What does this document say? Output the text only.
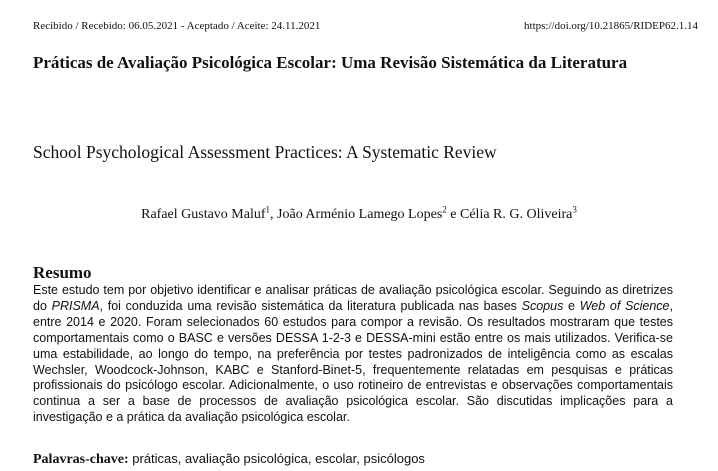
Recibido / Recebido: 06.05.2021 - Aceptado / Aceite: 24.11.2021	https://doi.org/10.21865/RIDEP62.1.14
Práticas de Avaliação Psicológica Escolar: Uma Revisão Sistemática da Literatura
School Psychological Assessment Practices: A Systematic Review
Rafael Gustavo Maluf$^1$, João Arménio Lamego Lopes$^2$ e Célia R. G. Oliveira$^3$
Resumo
Este estudo tem por objetivo identificar e analisar práticas de avaliação psicológica escolar. Seguindo as diretrizes do PRISMA, foi conduzida uma revisão sistemática da literatura publicada nas bases Scopus e Web of Science, entre 2014 e 2020. Foram selecionados 60 estudos para compor a revisão. Os resultados mostraram que testes comportamentais como o BASC e versões DESSA 1-2-3 e DESSA-mini estão entre os mais utilizados. Verifica-se uma estabilidade, ao longo do tempo, na preferência por testes padronizados de inteligência como as escalas Wechsler, Woodcock-Johnson, KABC e Stanford-Binet-5, frequentemente relatadas em pesquisas e práticas profissionais do psicólogo escolar. Adicionalmente, o uso rotineiro de entrevistas e observações comportamentais continua a ser a base de processos de avaliação psicológica escolar. São discutidas implicações para a investigação e a prática da avaliação psicológica escolar.
Palavras-chave: práticas, avaliação psicológica, escolar, psicólogos
